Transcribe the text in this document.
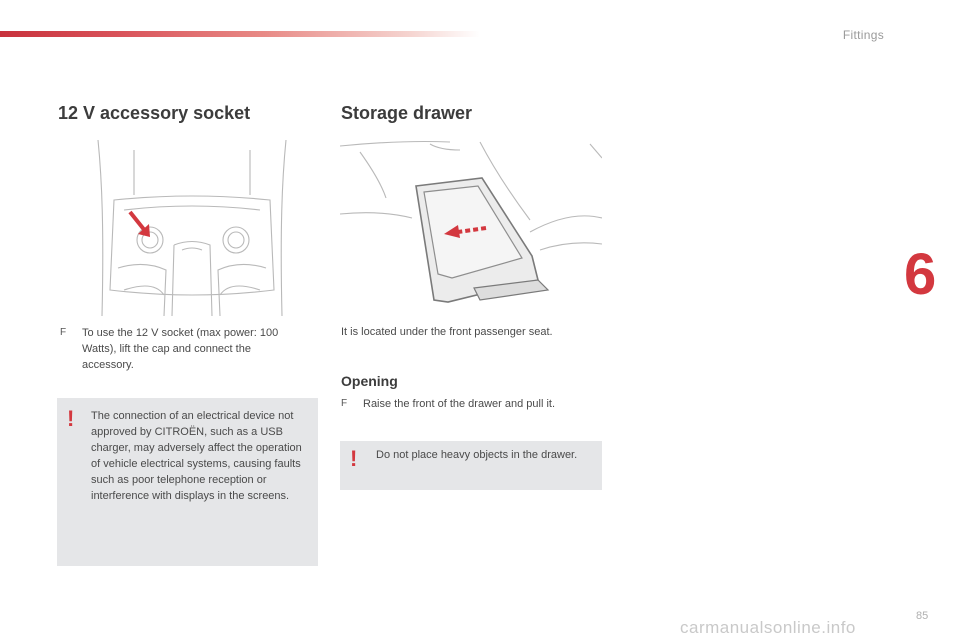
Fittings
6
12 V accessory socket	Storage drawer
F	To use the 12 V socket (max power: 100 Watts), lift the cap and connect the accessory.
! The connection of an electrical device not approved by CITROËN, such as a USB charger, may adversely affect the operation of vehicle electrical systems, causing faults such as poor telephone reception or interference with displays in the screens.
It is located under the front passenger seat.
Opening
F	Raise the front of the drawer and pull it.
! Do not place heavy objects in the drawer.
85
carmanualsonline.info
